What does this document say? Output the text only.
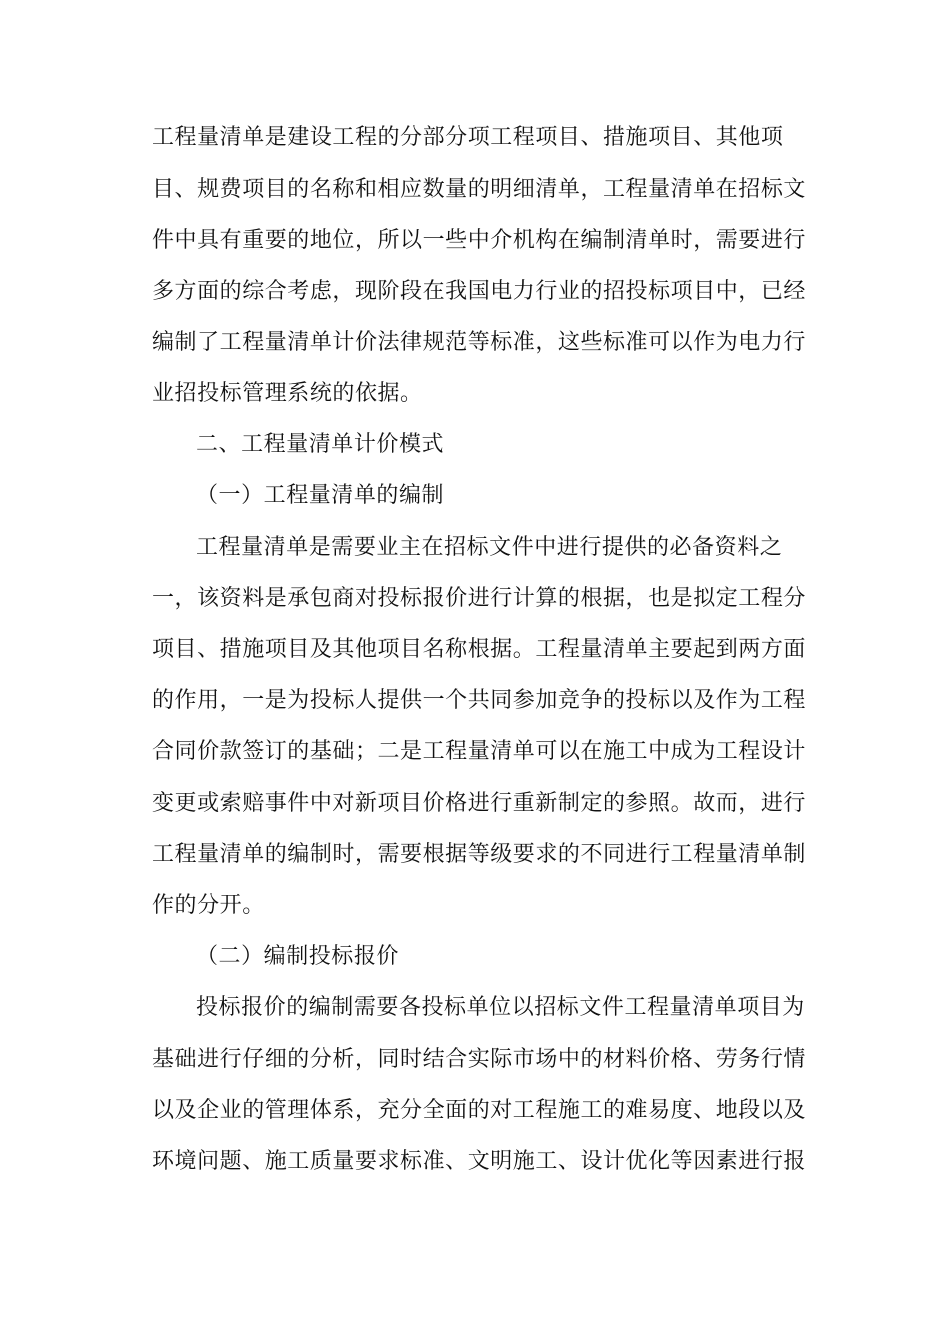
工程量清单是建设工程的分部分项工程项目、措施项目、其他项
目、规费项目的名称和相应数量的明细清单，工程量清单在招标文
件中具有重要的地位，所以一些中介机构在编制清单时，需要进行
多方面的综合考虑，现阶段在我国电力行业的招投标项目中，已经
编制了工程量清单计价法律规范等标准，这些标准可以作为电力行
业招投标管理系统的依据。
二、工程量清单计价模式
（一）工程量清单的编制
工程量清单是需要业主在招标文件中进行提供的必备资料之
一，该资料是承包商对投标报价进行计算的根据，也是拟定工程分
项目、措施项目及其他项目名称根据。工程量清单主要起到两方面
的作用，一是为投标人提供一个共同参加竞争的投标以及作为工程
合同价款签订的基础；二是工程量清单可以在施工中成为工程设计
变更或索赔事件中对新项目价格进行重新制定的参照。故而，进行
工程量清单的编制时，需要根据等级要求的不同进行工程量清单制
作的分开。
（二）编制投标报价
投标报价的编制需要各投标单位以招标文件工程量清单项目为
基础进行仔细的分析，同时结合实际市场中的材料价格、劳务行情
以及企业的管理体系，充分全面的对工程施工的难易度、地段以及
环境问题、施工质量要求标准、文明施工、设计优化等因素进行报
